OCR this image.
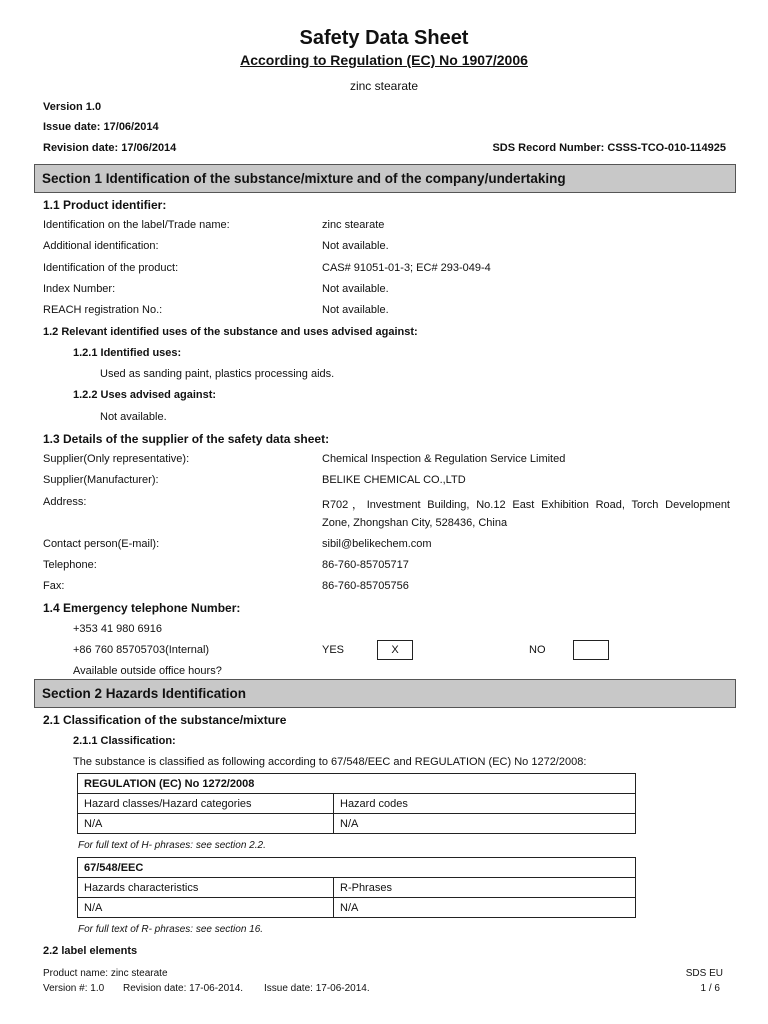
Safety Data Sheet
According to Regulation (EC) No 1907/2006
zinc stearate
Version 1.0
Issue date: 17/06/2014
Revision date: 17/06/2014	SDS Record Number: CSSS-TCO-010-114925
Section 1 Identification of the substance/mixture and of the company/undertaking
1.1 Product identifier:
Identification on the label/Trade name:	zinc stearate
Additional identification:	Not available.
Identification of the product:	CAS# 91051-01-3; EC# 293-049-4
Index Number:	Not available.
REACH registration No.:	Not available.
1.2 Relevant identified uses of the substance and uses advised against:
1.2.1 Identified uses:
Used as sanding paint, plastics processing aids.
1.2.2 Uses advised against:
Not available.
1.3 Details of the supplier of the safety data sheet:
Supplier(Only representative):	Chemical Inspection & Regulation Service Limited
Supplier(Manufacturer):	BELIKE CHEMICAL CO.,LTD
Address:	R702，Investment Building, No.12 East Exhibition Road, Torch Development
Zone, Zhongshan City, 528436, China
Contact person(E-mail):	sibil@belikechem.com
Telephone:	86-760-85705717
Fax:	86-760-85705756
1.4 Emergency telephone Number:
+353 41 980 6916
+86 760 85705703(Internal)	YES	X	NO
Available outside office hours?
Section 2 Hazards Identification
2.1 Classification of the substance/mixture
2.1.1 Classification:
The substance is classified as following according to 67/548/EEC and REGULATION (EC) No 1272/2008:
REGULATION (EC) No 1272/2008	
Hazard classes/Hazard categories	Hazard codes
N/A	N/A
For full text of H- phrases: see section 2.2.
67/548/EEC	
Hazards characteristics	R-Phrases
N/A	N/A
For full text of R- phrases: see section 16.
2.2 label elements
Product name: zinc stearate
Version #: 1.0 Revision date: 17-06-2014. Issue date: 17-06-2014.
SDS EU
1 / 6
